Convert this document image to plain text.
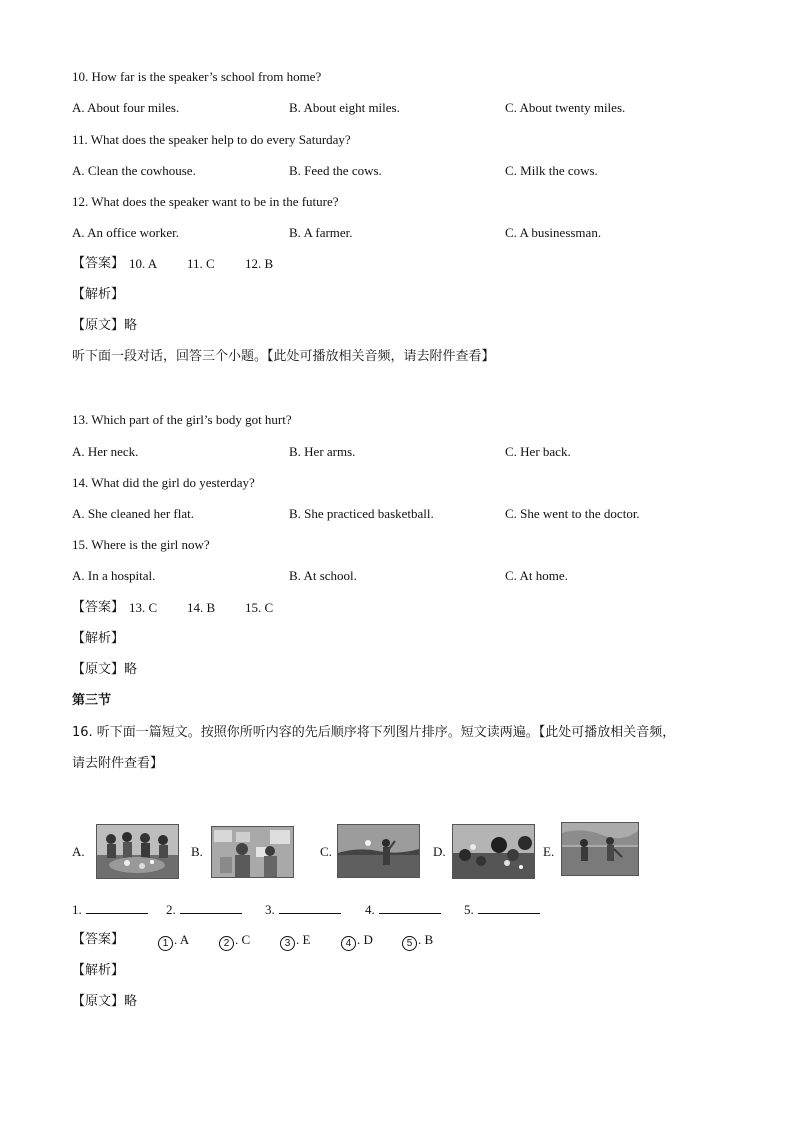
10. How far is the speaker’s school from home?
A. About four miles.	B. About eight miles.	C. About twenty miles.
11. What does the speaker help to do every Saturday?
A. Clean the cowhouse.	B. Feed the cows.	C. Milk the cows.
12. What does the speaker want to be in the future?
A. An office worker.	B. A farmer.	C. A businessman.
【答案】 10. A 11. C 12. B
【解析】
【原文】略
听下面一段对话，回答三个小题。【此处可播放相关音频，请去附件查看】
13. Which part of the girl’s body got hurt?
A. Her neck.	B. Her arms.	C. Her back.
14. What did the girl do yesterday?
A. She cleaned her flat.	B. She practiced basketball.	C. She went to the doctor.
15. Where is the girl now?
A. In a hospital.	B. At school.	C. At home.
【答案】 13. C 14. B 15. C
【解析】
【原文】略
第三节
16. 听下面一篇短文。按照你所听内容的先后顺序将下列图片排序。短文读两遍。【此处可播放相关音频，
请去附件查看】
A.	B.	C.	D.	E.
1.	2.	3.	4.	5.
【答案】	1 . A	2 . C	3 . E	4 . D	5 . B
【解析】
【原文】略
